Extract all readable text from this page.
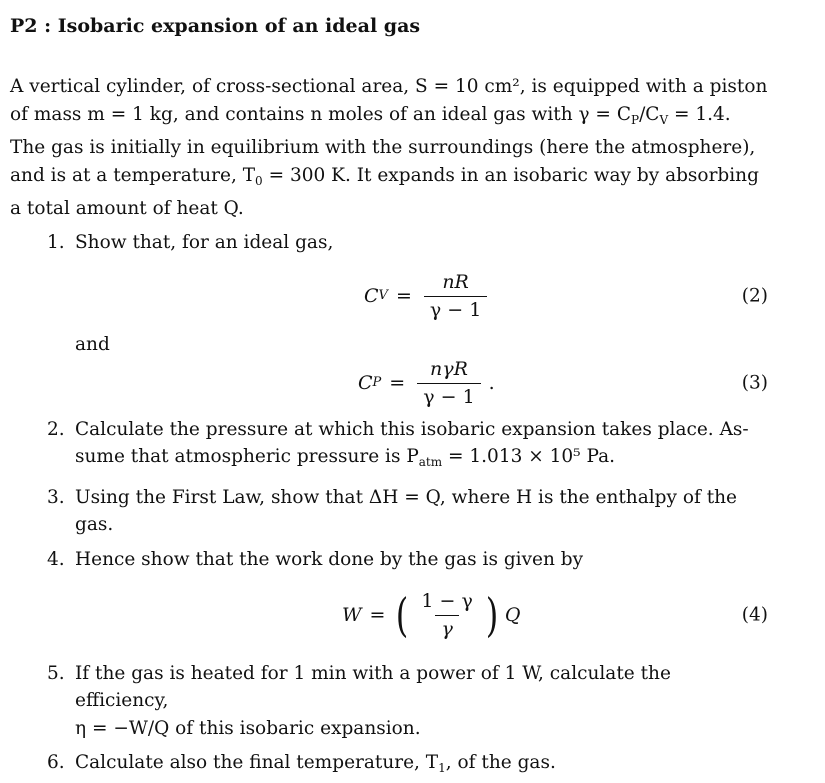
P2 : Isobaric expansion of an ideal gas
A vertical cylinder, of cross-sectional area, S = 10 cm², is equipped with a piston
of mass m = 1 kg, and contains n moles of an ideal gas with $\gamma = C_P/C_V = 1.4$.
The gas is initially in equilibrium with the surroundings (here the atmosphere),
and is at a temperature, $T_0 = 300$ K. It expands in an isobaric way by absorbing
a total amount of heat Q.
1. Show that, for an ideal gas,
C $V = \frac{nR}{\gamma - 1}$	(2)
and
C $P = \frac{\text{nγR}}{\gamma - 1}$ .	(3)
2. Calculate the pressure at which this isobaric expansion takes place. As-
sume that atmospheric pressure is $P_{atm} = 1.013 \times 10^5$ Pa.
3. Using the First Law, show that ΔH = Q, where H is the enthalpy of the
gas.
4. Hence show that the work done by the gas is given by
W = ( $\frac{1 - \gamma}{\gamma}$ ) Q	(4)
5. If the gas is heated for 1 min with a power of 1 W, calculate the efficiency,
η = −W/Q of this isobaric expansion.
6. Calculate also the final temperature, $T_1$, of the gas.
